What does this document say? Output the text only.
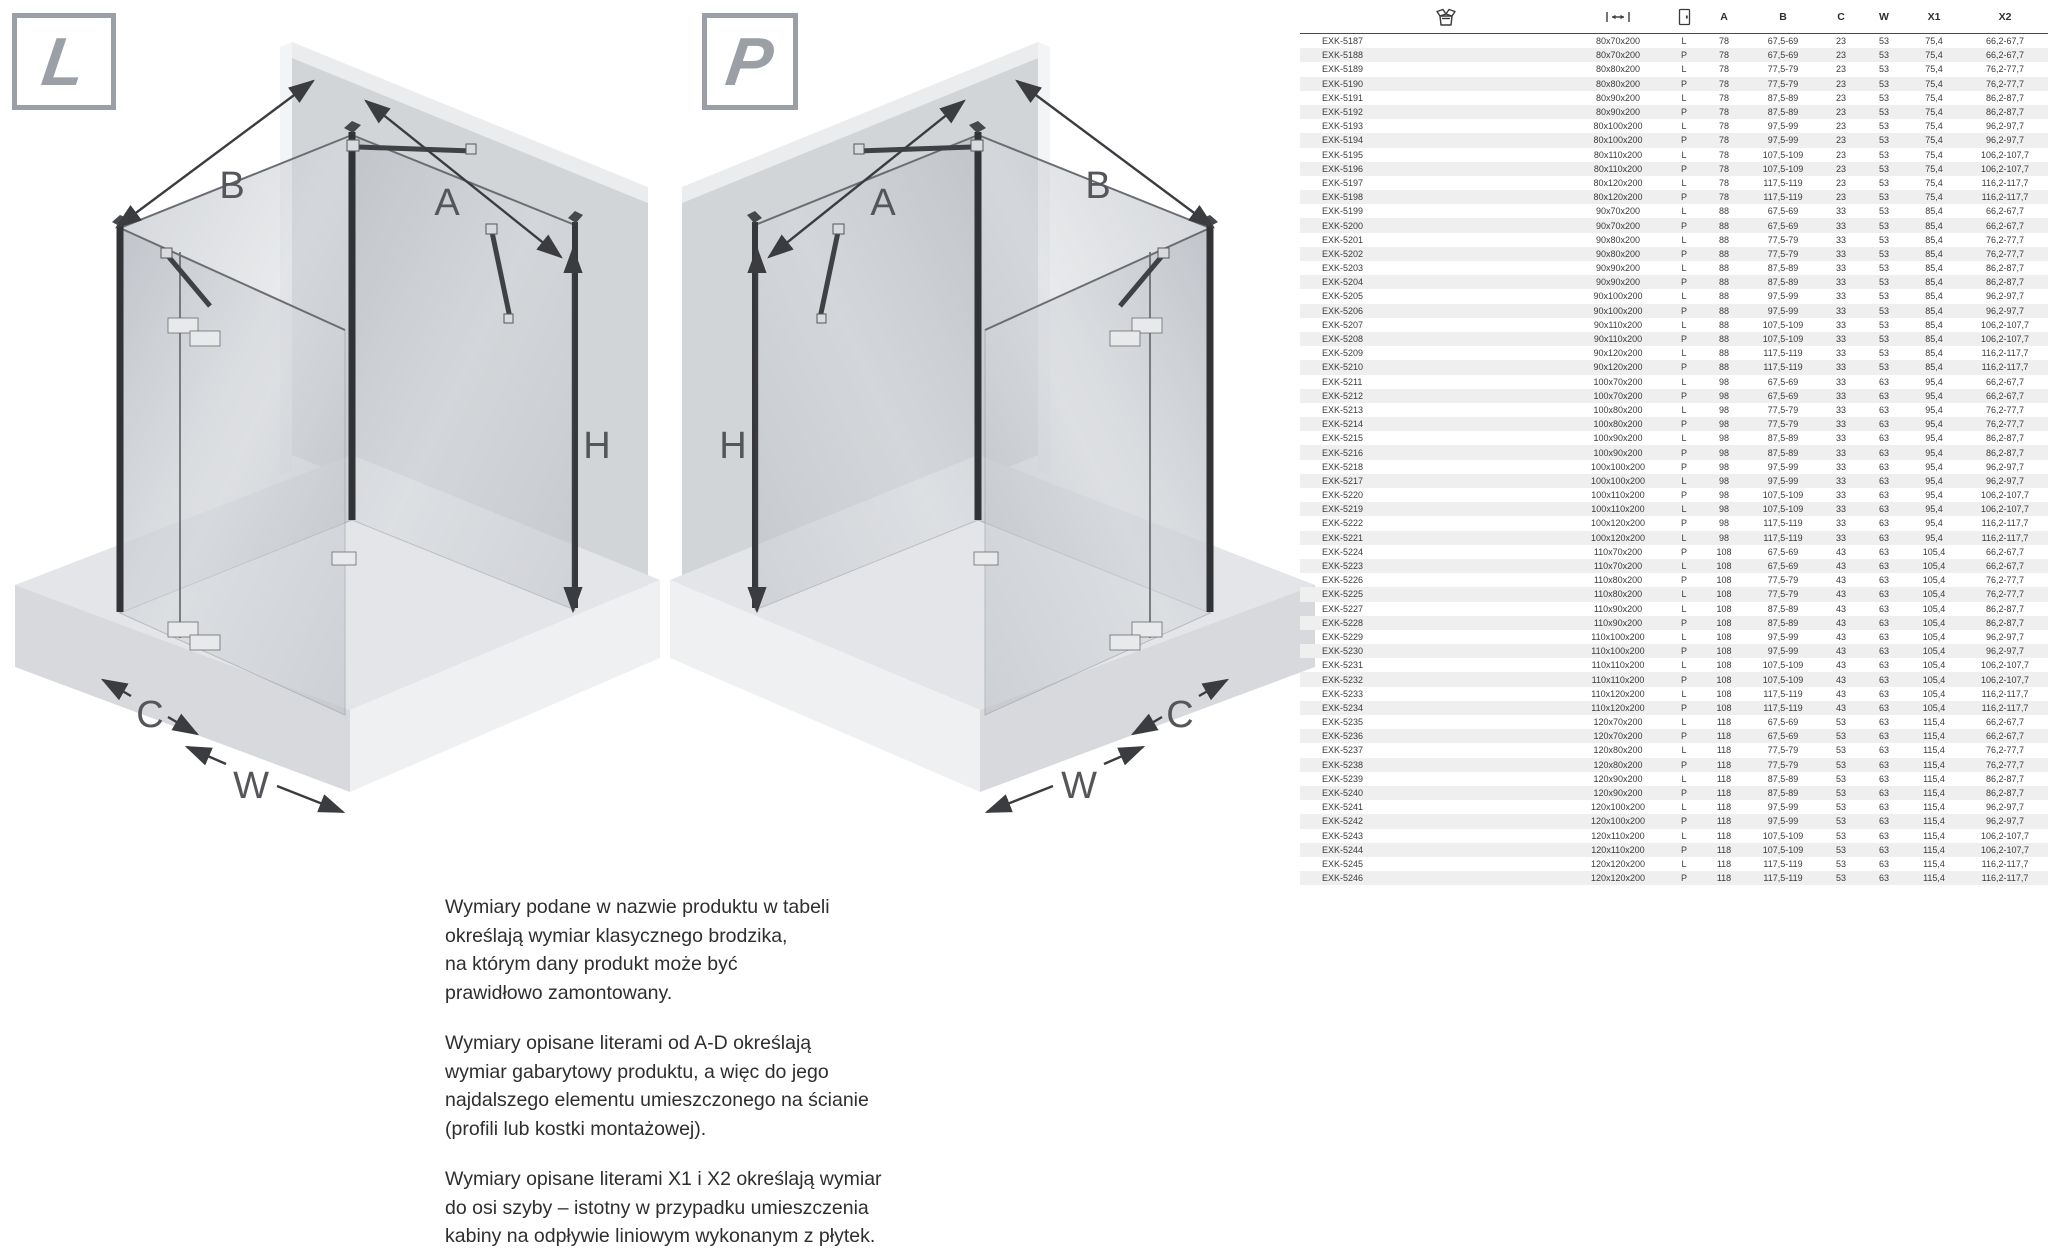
B	A
H
C
W
B
A
H
C
W
L	P
Wymiary podane w nazwie produktu w tabeli
określają wymiar klasycznego brodzika,
na którym dany produkt może być
prawidłowo zamontowany.
Wymiary opisane literami od A-D określają
wymiar gabarytowy produktu, a więc do jego
najdalszego elementu umieszczonego na ścianie
(profili lub kostki montażowej).
Wymiary opisane literami X1 i X2 określają wymiar
do osi szyby – istotny w przypadku umieszczenia
kabiny na odpływie liniowym wykonanym z płytek.
A	B	C	W	X1	X2
EXK-5187	80x70x200	L	78	67,5-69	23	53	75,4	66,2-67,7
EXK-5188	80x70x200	P	78	67,5-69	23	53	75,4	66,2-67,7
EXK-5189	80x80x200	L	78	77,5-79	23	53	75,4	76,2-77,7
EXK-5190	80x80x200	P	78	77,5-79	23	53	75,4	76,2-77,7
EXK-5191	80x90x200	L	78	87,5-89	23	53	75,4	86,2-87,7
EXK-5192	80x90x200	P	78	87,5-89	23	53	75,4	86,2-87,7
EXK-5193	80x100x200	L	78	97,5-99	23	53	75,4	96,2-97,7
EXK-5194	80x100x200	P	78	97,5-99	23	53	75,4	96,2-97,7
EXK-5195	80x110x200	L	78	107,5-109	23	53	75,4	106,2-107,7
EXK-5196	80x110x200	P	78	107,5-109	23	53	75,4	106,2-107,7
EXK-5197	80x120x200	L	78	117,5-119	23	53	75,4	116,2-117,7
EXK-5198	80x120x200	P	78	117,5-119	23	53	75,4	116,2-117,7
EXK-5199	90x70x200	L	88	67,5-69	33	53	85,4	66,2-67,7
EXK-5200	90x70x200	P	88	67,5-69	33	53	85,4	66,2-67,7
EXK-5201	90x80x200	L	88	77,5-79	33	53	85,4	76,2-77,7
EXK-5202	90x80x200	P	88	77,5-79	33	53	85,4	76,2-77,7
EXK-5203	90x90x200	L	88	87,5-89	33	53	85,4	86,2-87,7
EXK-5204	90x90x200	P	88	87,5-89	33	53	85,4	86,2-87,7
EXK-5205	90x100x200	L	88	97,5-99	33	53	85,4	96,2-97,7
EXK-5206	90x100x200	P	88	97,5-99	33	53	85,4	96,2-97,7
EXK-5207	90x110x200	L	88	107,5-109	33	53	85,4	106,2-107,7
EXK-5208	90x110x200	P	88	107,5-109	33	53	85,4	106,2-107,7
EXK-5209	90x120x200	L	88	117,5-119	33	53	85,4	116,2-117,7
EXK-5210	90x120x200	P	88	117,5-119	33	53	85,4	116,2-117,7
EXK-5211	100x70x200	L	98	67,5-69	33	63	95,4	66,2-67,7
EXK-5212	100x70x200	P	98	67,5-69	33	63	95,4	66,2-67,7
EXK-5213	100x80x200	L	98	77,5-79	33	63	95,4	76,2-77,7
EXK-5214	100x80x200	P	98	77,5-79	33	63	95,4	76,2-77,7
EXK-5215	100x90x200	L	98	87,5-89	33	63	95,4	86,2-87,7
EXK-5216	100x90x200	P	98	87,5-89	33	63	95,4	86,2-87,7
EXK-5218	100x100x200	P	98	97,5-99	33	63	95,4	96,2-97,7
EXK-5217	100x100x200	L	98	97,5-99	33	63	95,4	96,2-97,7
EXK-5220	100x110x200	P	98	107,5-109	33	63	95,4	106,2-107,7
EXK-5219	100x110x200	L	98	107,5-109	33	63	95,4	106,2-107,7
EXK-5222	100x120x200	P	98	117,5-119	33	63	95,4	116,2-117,7
EXK-5221	100x120x200	L	98	117,5-119	33	63	95,4	116,2-117,7
EXK-5224	110x70x200	P	108	67,5-69	43	63	105,4	66,2-67,7
EXK-5223	110x70x200	L	108	67,5-69	43	63	105,4	66,2-67,7
EXK-5226	110x80x200	P	108	77,5-79	43	63	105,4	76,2-77,7
EXK-5225	110x80x200	L	108	77,5-79	43	63	105,4	76,2-77,7
EXK-5227	110x90x200	L	108	87,5-89	43	63	105,4	86,2-87,7
EXK-5228	110x90x200	P	108	87,5-89	43	63	105,4	86,2-87,7
EXK-5229	110x100x200	L	108	97,5-99	43	63	105,4	96,2-97,7
EXK-5230	110x100x200	P	108	97,5-99	43	63	105,4	96,2-97,7
EXK-5231	110x110x200	L	108	107,5-109	43	63	105,4	106,2-107,7
EXK-5232	110x110x200	P	108	107,5-109	43	63	105,4	106,2-107,7
EXK-5233	110x120x200	L	108	117,5-119	43	63	105,4	116,2-117,7
EXK-5234	110x120x200	P	108	117,5-119	43	63	105,4	116,2-117,7
EXK-5235	120x70x200	L	118	67,5-69	53	63	115,4	66,2-67,7
EXK-5236	120x70x200	P	118	67,5-69	53	63	115,4	66,2-67,7
EXK-5237	120x80x200	L	118	77,5-79	53	63	115,4	76,2-77,7
EXK-5238	120x80x200	P	118	77,5-79	53	63	115,4	76,2-77,7
EXK-5239	120x90x200	L	118	87,5-89	53	63	115,4	86,2-87,7
EXK-5240	120x90x200	P	118	87,5-89	53	63	115,4	86,2-87,7
EXK-5241	120x100x200	L	118	97,5-99	53	63	115,4	96,2-97,7
EXK-5242	120x100x200	P	118	97,5-99	53	63	115,4	96,2-97,7
EXK-5243	120x110x200	L	118	107,5-109	53	63	115,4	106,2-107,7
EXK-5244	120x110x200	P	118	107,5-109	53	63	115,4	106,2-107,7
EXK-5245	120x120x200	L	118	117,5-119	53	63	115,4	116,2-117,7
EXK-5246	120x120x200	P	118	117,5-119	53	63	115,4	116,2-117,7
